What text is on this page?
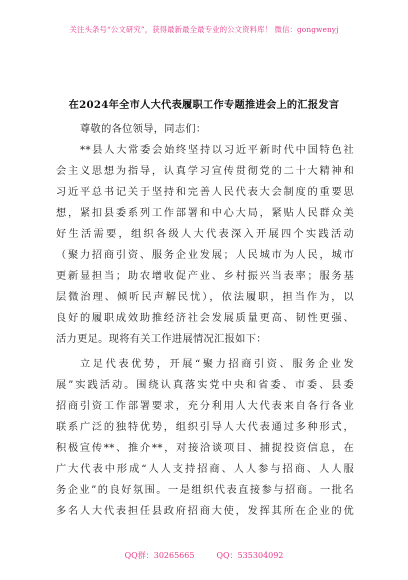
关注头条号“公文研究”，获得最新最全最专业的公文资料库！ 微信：gongwenyj
在2024年全市人大代表履职工作专题推进会上的汇报发言
尊敬的各位领导，同志们：
**县人大常委会始终坚持以习近平新时代中国特色社
会主义思想为指导，认真学习宣传贯彻党的二十大精神和
习近平总书记关于坚持和完善人民代表大会制度的重要思
想，紧扣县委系列工作部署和中心大局，紧贴人民群众美
好生活需要，组织各级人大代表深入开展四个实践活动
（聚力招商引资、服务企业发展；人民城市为人民，城市
更新显担当；助农增收促产业、乡村振兴当表率；服务基
层微治理、倾听民声解民忧），依法履职，担当作为，以
良好的履职成效助推经济社会发展质量更高、韧性更强、
活力更足。现将有关工作进展情况汇报如下：
立足代表优势，开展“聚力招商引资、服务企业发
展”实践活动。围绕认真落实党中央和省委、市委、县委
招商引资工作部署要求，充分利用人大代表来自各行各业
联系广泛的独特优势，组织引导人大代表通过多种形式，
积极宣传**、推介**，对接洽谈项目、捕捉投资信息，在
广大代表中形成“人人支持招商、人人参与招商、人人服
务企业”的良好氛围。一是组织代表直接参与招商。一批名
多名人大代表担任县政府招商大使，发挥其所在企业的优
QQ群：30265665	QQ：535304092
